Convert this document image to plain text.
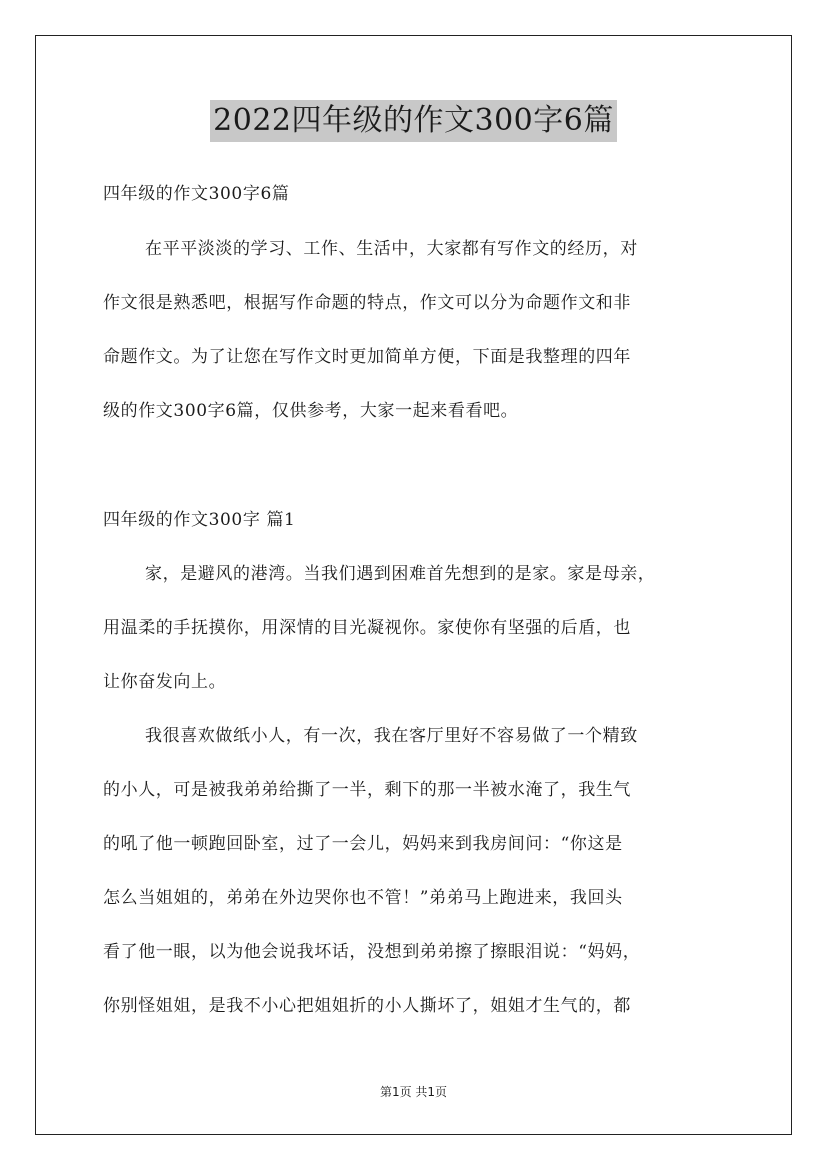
2022四年级的作文300字6篇
四年级的作文300字6篇
在平平淡淡的学习、工作、生活中，大家都有写作文的经历，对
作文很是熟悉吧，根据写作命题的特点，作文可以分为命题作文和非
命题作文。为了让您在写作文时更加简单方便，下面是我整理的四年
级的作文300字6篇，仅供参考，大家一起来看看吧。
四年级的作文300字 篇1
家，是避风的港湾。当我们遇到困难首先想到的是家。家是母亲，
用温柔的手抚摸你，用深情的目光凝视你。家使你有坚强的后盾，也
让你奋发向上。
我很喜欢做纸小人，有一次，我在客厅里好不容易做了一个精致
的小人，可是被我弟弟给撕了一半，剩下的那一半被水淹了，我生气
的吼了他一顿跑回卧室，过了一会儿，妈妈来到我房间问：“你这是
怎么当姐姐的，弟弟在外边哭你也不管！”弟弟马上跑进来，我回头
看了他一眼，以为他会说我坏话，没想到弟弟擦了擦眼泪说：“妈妈，
你别怪姐姐，是我不小心把姐姐折的小人撕坏了，姐姐才生气的，都
第1页 共1页
